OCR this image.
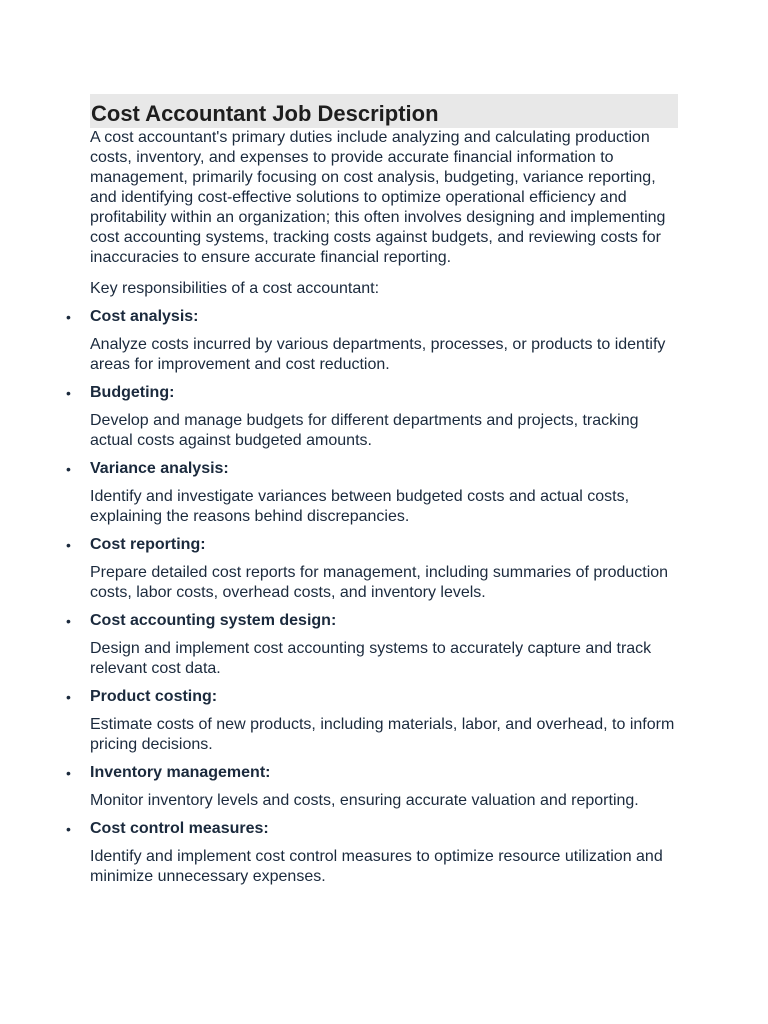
Cost Accountant Job Description

A cost accountant's primary duties include analyzing and calculating production costs, inventory, and expenses to provide accurate financial information to management, primarily focusing on cost analysis, budgeting, variance reporting, and identifying cost-effective solutions to optimize operational efficiency and profitability within an organization; this often involves designing and implementing cost accounting systems, tracking costs against budgets, and reviewing costs for inaccuracies to ensure accurate financial reporting.

Key responsibilities of a cost accountant:

•	Cost analysis:

Analyze costs incurred by various departments, processes, or products to identify areas for improvement and cost reduction.

•	Budgeting:

Develop and manage budgets for different departments and projects, tracking actual costs against budgeted amounts.

•	Variance analysis:

Identify and investigate variances between budgeted costs and actual costs, explaining the reasons behind discrepancies.

•	Cost reporting:

Prepare detailed cost reports for management, including summaries of production costs, labor costs, overhead costs, and inventory levels.

•	Cost accounting system design:

Design and implement cost accounting systems to accurately capture and track relevant cost data.

•	Product costing:

Estimate costs of new products, including materials, labor, and overhead, to inform pricing decisions.

•	Inventory management:

Monitor inventory levels and costs, ensuring accurate valuation and reporting.

•	Cost control measures:

Identify and implement cost control measures to optimize resource utilization and minimize unnecessary expenses.
